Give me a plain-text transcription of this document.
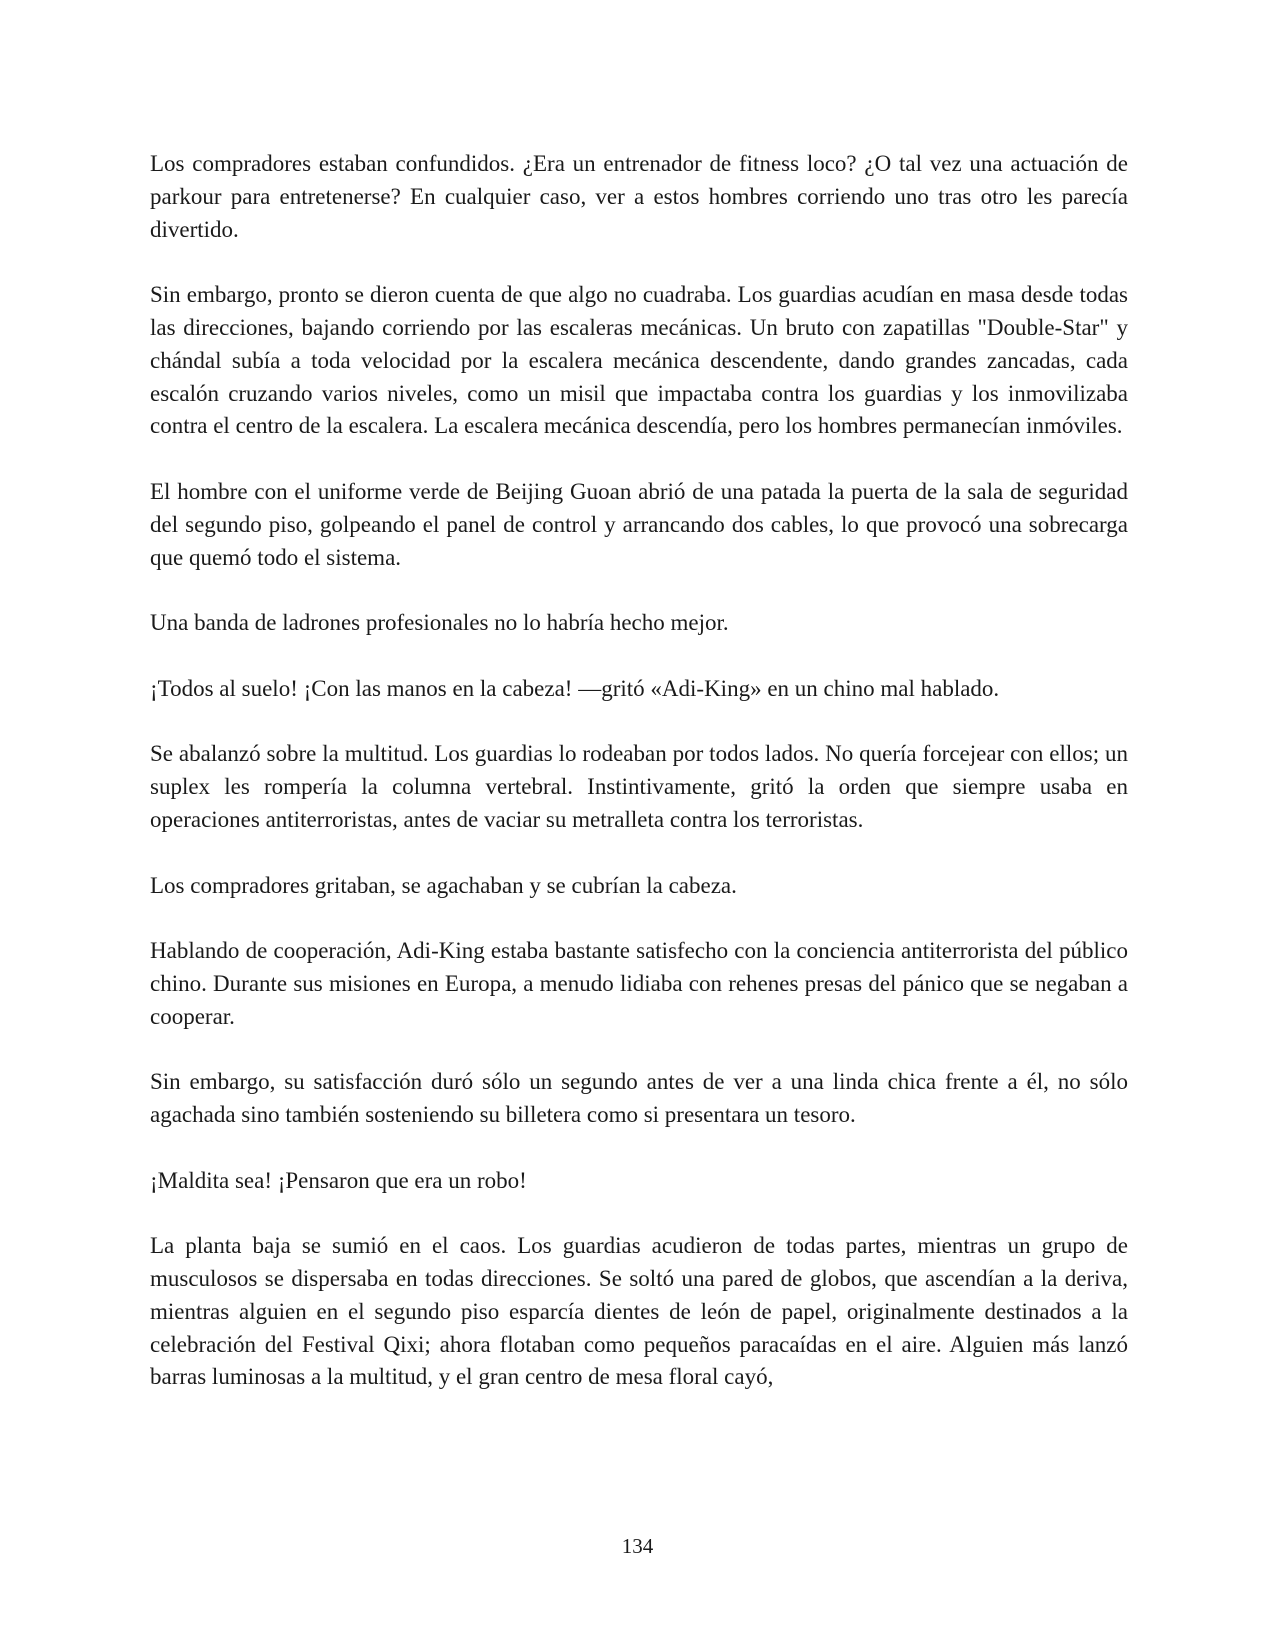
Los compradores estaban confundidos. ¿Era un entrenador de fitness loco? ¿O tal vez una actuación de parkour para entretenerse? En cualquier caso, ver a estos hombres corriendo uno tras otro les parecía divertido.

Sin embargo, pronto se dieron cuenta de que algo no cuadraba. Los guardias acudían en masa desde todas las direcciones, bajando corriendo por las escaleras mecánicas. Un bruto con zapatillas "Double-Star" y chándal subía a toda velocidad por la escalera mecánica descendente, dando grandes zancadas, cada escalón cruzando varios niveles, como un misil que impactaba contra los guardias y los inmovilizaba contra el centro de la escalera. La escalera mecánica descendía, pero los hombres permanecían inmóviles.

El hombre con el uniforme verde de Beijing Guoan abrió de una patada la puerta de la sala de seguridad del segundo piso, golpeando el panel de control y arrancando dos cables, lo que provocó una sobrecarga que quemó todo el sistema.

Una banda de ladrones profesionales no lo habría hecho mejor.

¡Todos al suelo! ¡Con las manos en la cabeza! —gritó «Adi-King» en un chino mal hablado.

Se abalanzó sobre la multitud. Los guardias lo rodeaban por todos lados. No quería forcejear con ellos; un suplex les rompería la columna vertebral. Instintivamente, gritó la orden que siempre usaba en operaciones antiterroristas, antes de vaciar su metralleta contra los terroristas.

Los compradores gritaban, se agachaban y se cubrían la cabeza.

Hablando de cooperación, Adi-King estaba bastante satisfecho con la conciencia antiterrorista del público chino. Durante sus misiones en Europa, a menudo lidiaba con rehenes presas del pánico que se negaban a cooperar.

Sin embargo, su satisfacción duró sólo un segundo antes de ver a una linda chica frente a él, no sólo agachada sino también sosteniendo su billetera como si presentara un tesoro.

¡Maldita sea! ¡Pensaron que era un robo!

La planta baja se sumió en el caos. Los guardias acudieron de todas partes, mientras un grupo de musculosos se dispersaba en todas direcciones. Se soltó una pared de globos, que ascendían a la deriva, mientras alguien en el segundo piso esparcía dientes de león de papel, originalmente destinados a la celebración del Festival Qixi; ahora flotaban como pequeños paracaídas en el aire. Alguien más lanzó barras luminosas a la multitud, y el gran centro de mesa floral cayó,

134
